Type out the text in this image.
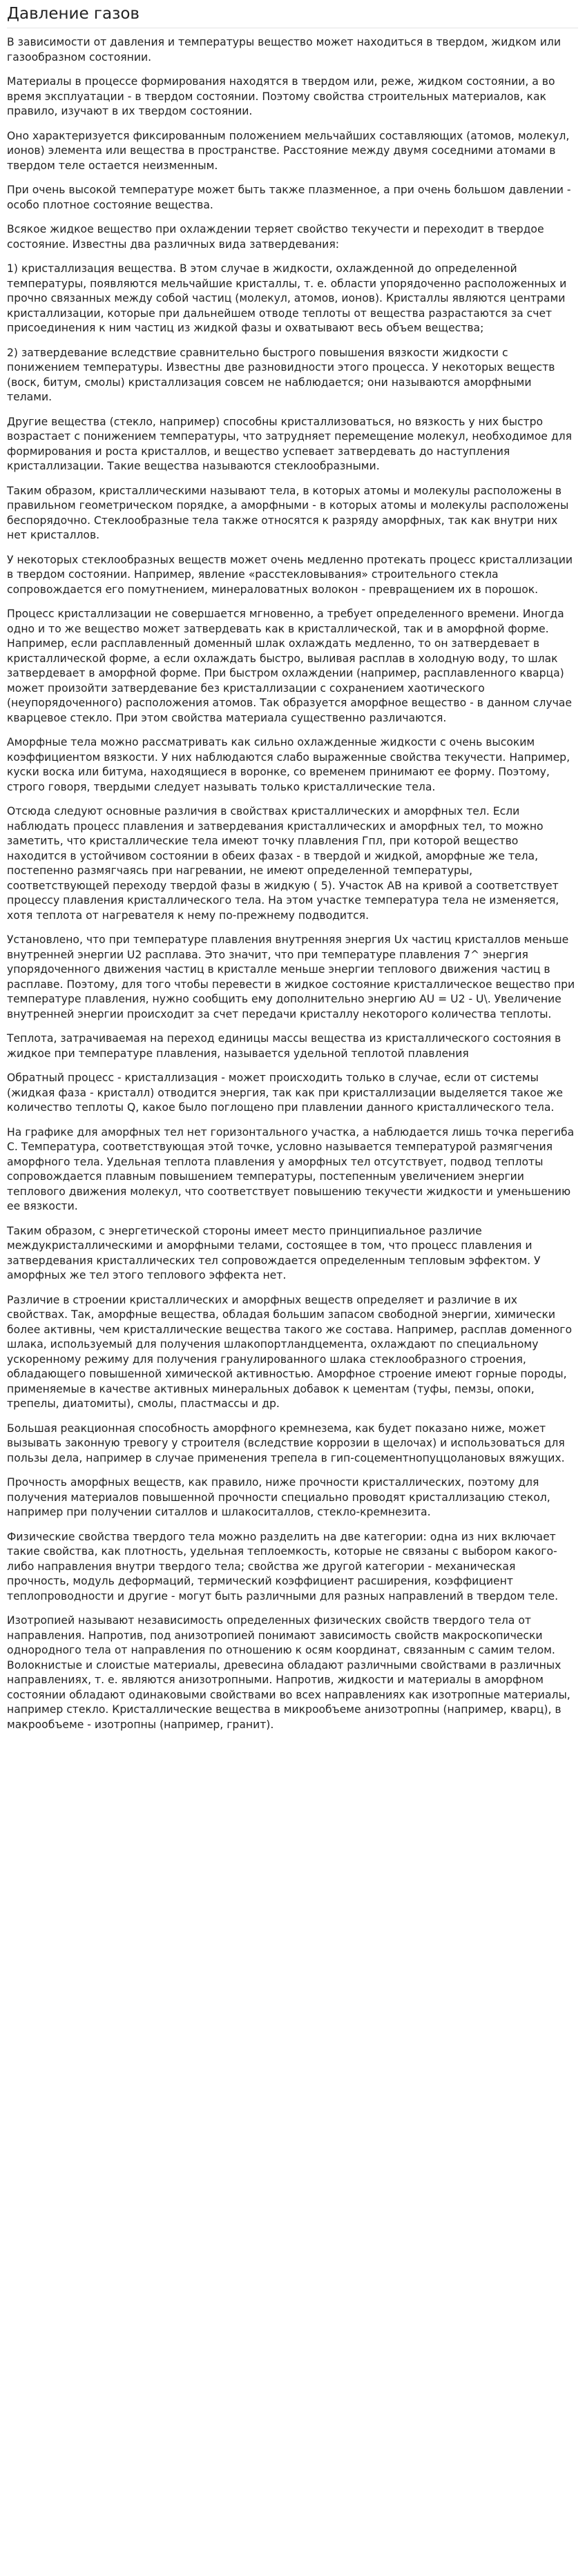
Давление газов

В зависимости от давления и температуры вещество может находиться в твердом, жидком или газообразном состоянии.

Материалы в процессе формирования находятся в твердом или, реже, жидком состоянии, а во время эксплуатации - в твердом состоянии. Поэтому свойства строительных материалов, как правило, изучают в их твердом состоянии.

Оно характеризуется фиксированным положением мельчайших составляющих (атомов, молекул, ионов) элемента или вещества в пространстве. Расстояние между двумя соседними атомами в твердом теле остается неизменным.

При очень высокой температуре может быть также плазменное, а при очень большом давлении - особо плотное состояние вещества.

Всякое жидкое вещество при охлаждении теряет свойство текучести и переходит в твердое состояние. Известны два различных вида затвердевания:

1) кристаллизация вещества. В этом случае в жидкости, охлажденной до определенной температуры, появляются мельчайшие кристаллы, т. е. области упорядоченно расположенных и прочно связанных между собой частиц (молекул, атомов, ионов). Кристаллы являются центрами кристаллизации, которые при дальнейшем отводе теплоты от вещества разрастаются за счет присоединения к ним частиц из жидкой фазы и охватывают весь объем вещества;

2) затвердевание вследствие сравнительно быстрого повышения вязкости жидкости с понижением температуры. Известны две разновидности этого процесса. У некоторых веществ (воск, битум, смолы) кристаллизация совсем не наблюдается; они называются аморфными телами.

Другие вещества (стекло, например) способны кристаллизоваться, но вязкость у них быстро возрастает с понижением температуры, что затрудняет перемещение молекул, необходимое для формирования и роста кристаллов, и вещество успевает затвердевать до наступления кристаллизации. Такие вещества называются стеклообразными.

Таким образом, кристаллическими называют тела, в которых атомы и молекулы расположены в правильном геометрическом порядке, а аморфными - в которых атомы и молекулы расположены беспорядочно. Стеклообразные тела также относятся к разряду аморфных, так как внутри них нет кристаллов.

У некоторых стеклообразных веществ может очень медленно протекать процесс кристаллизации в твердом состоянии. Например, явление «расстекловывания» строительного стекла сопровождается его помутнением, минераловатных волокон - превращением их в порошок.

Процесс кристаллизации не совершается мгновенно, а требует определенного времени. Иногда одно и то же вещество может затвердевать как в кристаллической, так и в аморфной форме. Например, если расплавленный доменный шлак охлаждать медленно, то он затвердевает в кристаллической форме, а если охлаждать быстро, выливая расплав в холодную воду, то шлак затвердевает в аморфной форме. При быстром охлаждении (например, расплавленного кварца) может произойти затвердевание без кристаллизации с сохранением хаотического (неупорядоченного) расположения атомов. Так образуется аморфное вещество - в данном случае кварцевое стекло. При этом свойства материала существенно различаются.

Аморфные тела можно рассматривать как сильно охлажденные жидкости с очень высоким коэффициентом вязкости. У них наблюдаются слабо выраженные свойства текучести. Например, куски воска или битума, находящиеся в воронке, со временем принимают ее форму. Поэтому, строго говоря, твердыми следует называть только кристаллические тела.

Отсюда следуют основные различия в свойствах кристаллических и аморфных тел. Если наблюдать процесс плавления и затвердевания кристаллических и аморфных тел, то можно заметить, что кристаллические тела имеют точку плавления Гпл, при которой вещество находится в устойчивом состоянии в обеих фазах - в твердой и жидкой, аморфные же тела, постепенно размягчаясь при нагревании, не имеют определенной температуры, соответствующей переходу твердой фазы в жидкую ( 5). Участок АВ на кривой а соответствует процессу плавления кристаллического тела. На этом участке температура тела не изменяется, хотя теплота от нагревателя к нему по-прежнему подводится.

Установлено, что при температуре плавления внутренняя энергия Ux частиц кристаллов меньше внутренней энергии U2 расплава. Это значит, что при температуре плавления 7^ энергия упорядоченного движения частиц в кристалле меньше энергии теплового движения частиц в расплаве. Поэтому, для того чтобы перевести в жидкое состояние кристаллическое вещество при температуре плавления, нужно сообщить ему дополнительно энергию AU = U2 - U\. Увеличение внутренней энергии происходит за счет передачи кристаллу некоторого количества теплоты.

Теплота, затрачиваемая на переход единицы массы вещества из кристаллического состояния в жидкое при температуре плавления, называется удельной теплотой плавления

Обратный процесс - кристаллизация - может происходить только в случае, если от системы (жидкая фаза - кристалл) отводится энергия, так как при кристаллизации выделяется такое же количество теплоты Q, какое было поглощено при плавлении данного кристаллического тела.

На графике для аморфных тел нет горизонтального участка, а наблюдается лишь точка перегиба С. Температура, соответствующая этой точке, условно называется температурой размягчения аморфного тела. Удельная теплота плавления у аморфных тел отсутствует, подвод теплоты сопровождается плавным повышением температуры, постепенным увеличением энергии теплового движения молекул, что соответствует повышению текучести жидкости и уменьшению ее вязкости.

Таким образом, с энергетической стороны имеет место принципиальное различие междукристаллическими и аморфными телами, состоящее в том, что процесс плавления и затвердевания кристаллических тел сопровождается определенным тепловым эффектом. У аморфных же тел этого теплового эффекта нет.

Различие в строении кристаллических и аморфных веществ определяет и различие в их свойствах. Так, аморфные вещества, обладая большим запасом свободной энергии, химически более активны, чем кристаллические вещества такого же состава. Например, расплав доменного шлака, используемый для получения шлакопортландцемента, охлаждают по специальному ускоренному режиму для получения гранулированного шлака стеклообразного строения, обладающего повышенной химической активностью. Аморфное строение имеют горные породы, применяемые в качестве активных минеральных добавок к цементам (туфы, пемзы, опоки, трепелы, диатомиты), смолы, пластмассы и др.

Большая реакционная способность аморфного кремнезема, как будет показано ниже, может вызывать законную тревогу у строителя (вследствие коррозии в щелочах) и использоваться для пользы дела, например в случае применения трепела в гип-соцементнопуццолановых вяжущих.

Прочность аморфных веществ, как правило, ниже прочности кристаллических, поэтому для получения материалов повышенной прочности специально проводят кристаллизацию стекол, например при получении ситаллов и шлакоситаллов, стекло-кремнезита.

Физические свойства твердого тела можно разделить на две категории: одна из них включает такие свойства, как плотность, удельная теплоемкость, которые не связаны с выбором какого-либо направления внутри твердого тела; свойства же другой категории - механическая прочность, модуль деформаций, термический коэффициент расширения, коэффициент теплопроводности и другие - могут быть различными для разных направлений в твердом теле.

Изотропией называют независимость определенных физических свойств твердого тела от направления. Напротив, под анизотропией понимают зависимость свойств макроскопически однородного тела от направления по отношению к осям координат, связанным с самим телом. Волокнистые и слоистые материалы, древесина обладают различными свойствами в различных направлениях, т. е. являются анизотропными. Напротив, жидкости и материалы в аморфном состоянии обладают одинаковыми свойствами во всех направлениях как изотропные материалы, например стекло. Кристаллические вещества в микрообъеме анизотропны (например, кварц), в макрообъеме - изотропны (например, гранит).
